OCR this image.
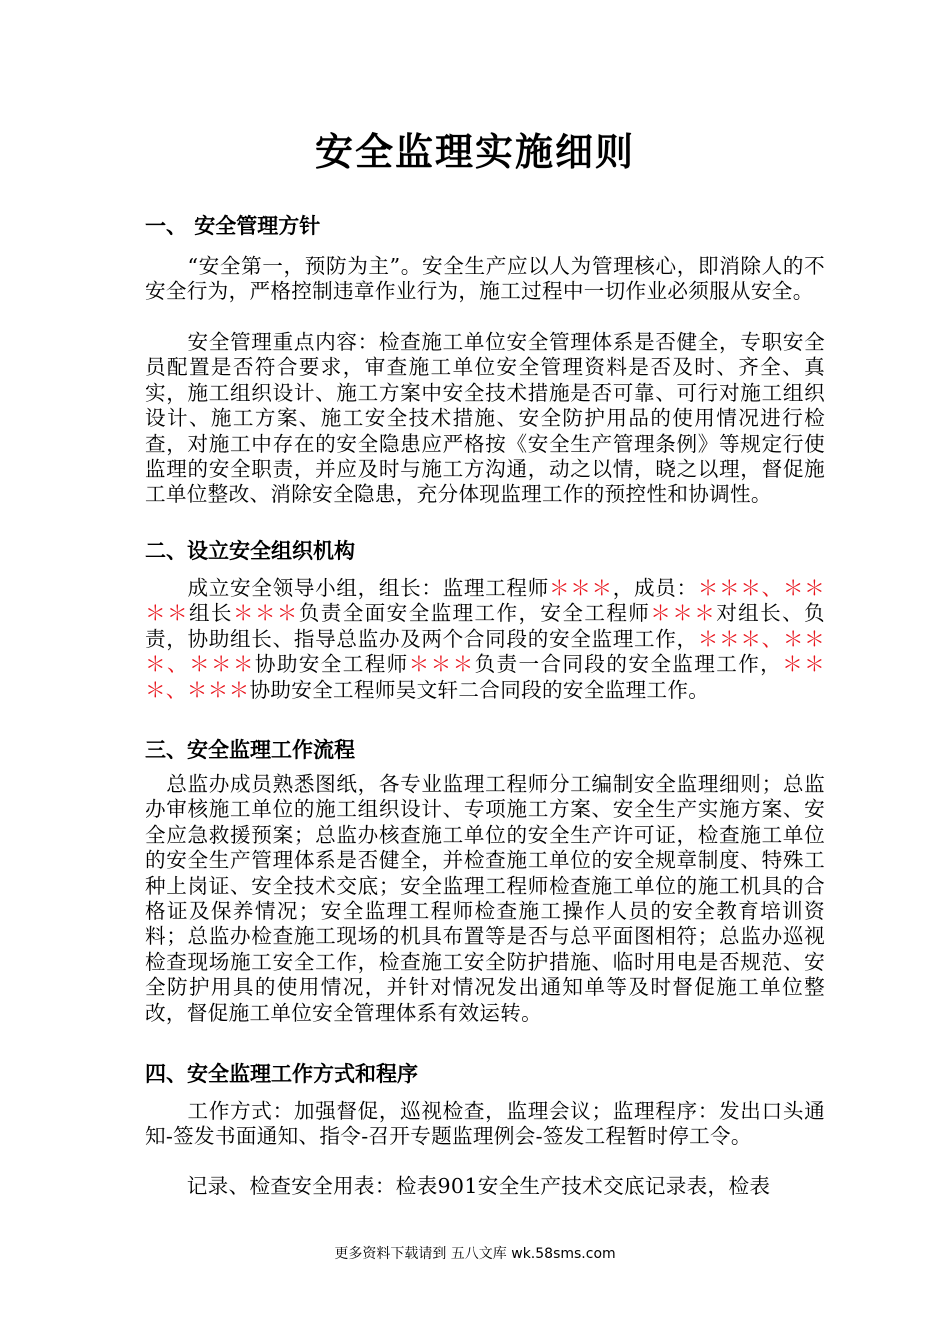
安全监理实施细则
一、 安全管理方针
　　“安全第一，预防为主”。安全生产应以人为管理核心，即消除人的不安全行为，严格控制违章作业行为，施工过程中一切作业必须服从安全。
　　安全管理重点内容：检查施工单位安全管理体系是否健全，专职安全员配置是否符合要求，审查施工单位安全管理资料是否及时、齐全、真实，施工组织设计、施工方案中安全技术措施是否可靠、可行对施工组织设计、施工方案、施工安全技术措施、安全防护用品的使用情况进行检查，对施工中存在的安全隐患应严格按《安全生产管理条例》等规定行使监理的安全职责，并应及时与施工方沟通，动之以情，晓之以理，督促施工单位整改、消除安全隐患，充分体现监理工作的预控性和协调性。
二、设立安全组织机构
　　成立安全领导小组，组长：监理工程师＊＊＊，成员：＊＊＊、＊＊＊＊组长＊＊＊负责全面安全监理工作，安全工程师＊＊＊对组长、负责，协助组长、指导总监办及两个合同段的安全监理工作，＊＊＊、＊＊＊、＊＊＊协助安全工程师＊＊＊负责一合同段的安全监理工作，＊＊＊、＊＊＊协助安全工程师吴文轩二合同段的安全监理工作。
三、安全监理工作流程
　总监办成员熟悉图纸，各专业监理工程师分工编制安全监理细则；总监办审核施工单位的施工组织设计、专项施工方案、安全生产实施方案、安全应急救援预案；总监办核查施工单位的安全生产许可证，检查施工单位的安全生产管理体系是否健全，并检查施工单位的安全规章制度、特殊工种上岗证、安全技术交底；安全监理工程师检查施工单位的施工机具的合格证及保养情况；安全监理工程师检查施工操作人员的安全教育培训资料；总监办检查施工现场的机具布置等是否与总平面图相符；总监办巡视检查现场施工安全工作，检查施工安全防护措施、临时用电是否规范、安全防护用具的使用情况，并针对情况发出通知单等及时督促施工单位整改，督促施工单位安全管理体系有效运转。
四、安全监理工作方式和程序
　　工作方式：加强督促，巡视检查，监理会议；监理程序：发出口头通知-签发书面通知、指令-召开专题监理例会-签发工程暂时停工令。
　　记录、检查安全用表：检表901安全生产技术交底记录表，检表
更多资料下载请到 五八文库 wk.58sms.com
